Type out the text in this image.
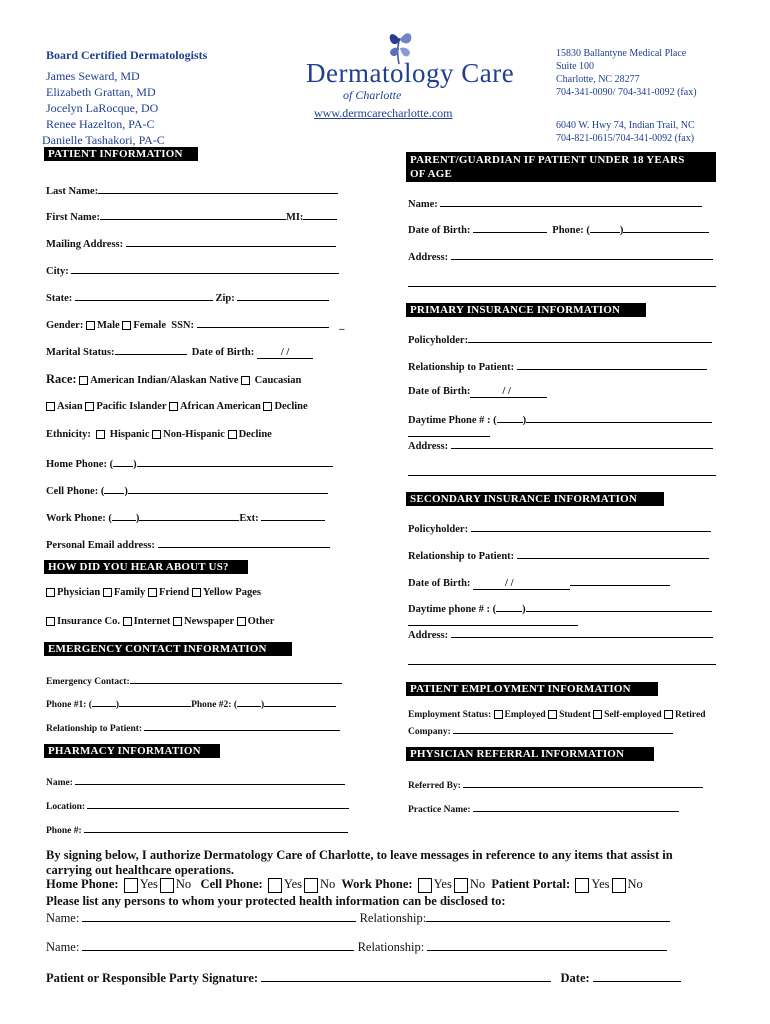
Board Certified Dermatologists
James Seward, MD
Elizabeth Grattan, MD
Jocelyn LaRocque, DO
Renee Hazelton, PA-C
Danielle Tashakori, PA-C
Dermatology Care
of Charlotte
www.dermcarecharlotte.com
15830 Ballantyne Medical Place
Suite 100
Charlotte, NC 28277
704-341-0090/ 704-341-0092 (fax)
6040 W. Hwy 74, Indian Trail, NC
704-821-0615/704-341-0092 (fax)
PATIENT INFORMATION
Last Name:
First Name:	MI:
Mailing Address:
City:
State:	Zip:
Gender: Male Female SSN:	_
Marital Status:	Date of Birth:	/ /
Race: American Indian/Alaskan Native Caucasian
Asian Pacific Islander African American Decline
Ethnicity: Hispanic Non-Hispanic Decline
Home Phone: ( )
Cell Phone: ( )
Work Phone: ( )	Ext:
Personal Email address:
HOW DID YOU HEAR ABOUT US?
Physician Family Friend Yellow Pages
Insurance Co. Internet Newspaper Other
EMERGENCY CONTACT INFORMATION
Emergency Contact:
Phone #1: (	)	Phone #2: (	)
Relationship to Patient:
PHARMACY INFORMATION
Name:
Location:
Phone #:
PARENT/GUARDIAN IF PATIENT UNDER 18 YEARS
OF AGE
Name:
Date of Birth:	Phone: (	)
Address:
PRIMARY INSURANCE INFORMATION
Policyholder:
Relationship to Patient:
Date of Birth:	/ /
Daytime Phone # : ( )
Address:
SECONDARY INSURANCE INFORMATION
Policyholder:
Relationship to Patient:
Date of Birth:	/ /
Daytime phone # : ( )
Address:
PATIENT EMPLOYMENT INFORMATION
Employment Status: Employed Student Self-employed Retired
Company:
PHYSICIAN REFERRAL INFORMATION
Referred By:
Practice Name:
By signing below, I authorize Dermatology Care of Charlotte, to leave messages in reference to any items that assist in
carrying out healthcare operations.
Home Phone: Yes No Cell Phone: Yes No Work Phone: Yes No Patient Portal: Yes No
Please list any persons to whom your protected health information can be disclosed to:
Name:	Relationship:
Name:	Relationship:
Patient or Responsible Party Signature:	Date:
